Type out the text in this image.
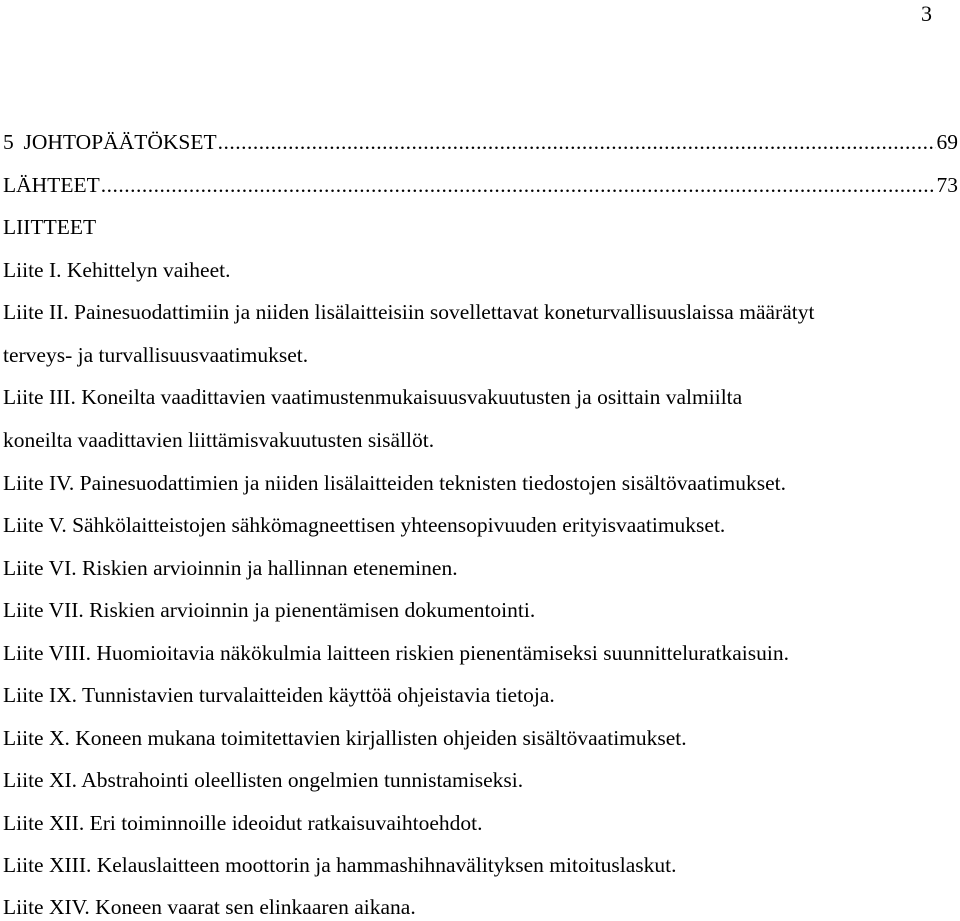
3
5 JOHTOPÄÄTÖKSET .....	69
LÄHTEET .....	73
LIITTEET
Liite I. Kehittelyn vaiheet.
Liite II. Painesuodattimiin ja niiden lisälaitteisiin sovellettavat koneturvallisuuslaissa määrätyt
terveys- ja turvallisuusvaatimukset.
Liite III. Koneilta vaadittavien vaatimustenmukaisuusvakuutusten ja osittain valmiilta
koneilta vaadittavien liittämisvakuutusten sisällöt.
Liite IV. Painesuodattimien ja niiden lisälaitteiden teknisten tiedostojen sisältövaatimukset.
Liite V. Sähkölaitteistojen sähkömagneettisen yhteensopivuuden erityisvaatimukset.
Liite VI. Riskien arvioinnin ja hallinnan eteneminen.
Liite VII. Riskien arvioinnin ja pienentämisen dokumentointi.
Liite VIII. Huomioitavia näkökulmia laitteen riskien pienentämiseksi suunnitteluratkaisuin.
Liite IX. Tunnistavien turvalaitteiden käyttöä ohjeistavia tietoja.
Liite X. Koneen mukana toimitettavien kirjallisten ohjeiden sisältövaatimukset.
Liite XI. Abstrahointi oleellisten ongelmien tunnistamiseksi.
Liite XII. Eri toiminnoille ideoidut ratkaisuvaihtoehdot.
Liite XIII. Kelauslaitteen moottorin ja hammashihnavälityksen mitoituslaskut.
Liite XIV. Koneen vaarat sen elinkaaren aikana.
